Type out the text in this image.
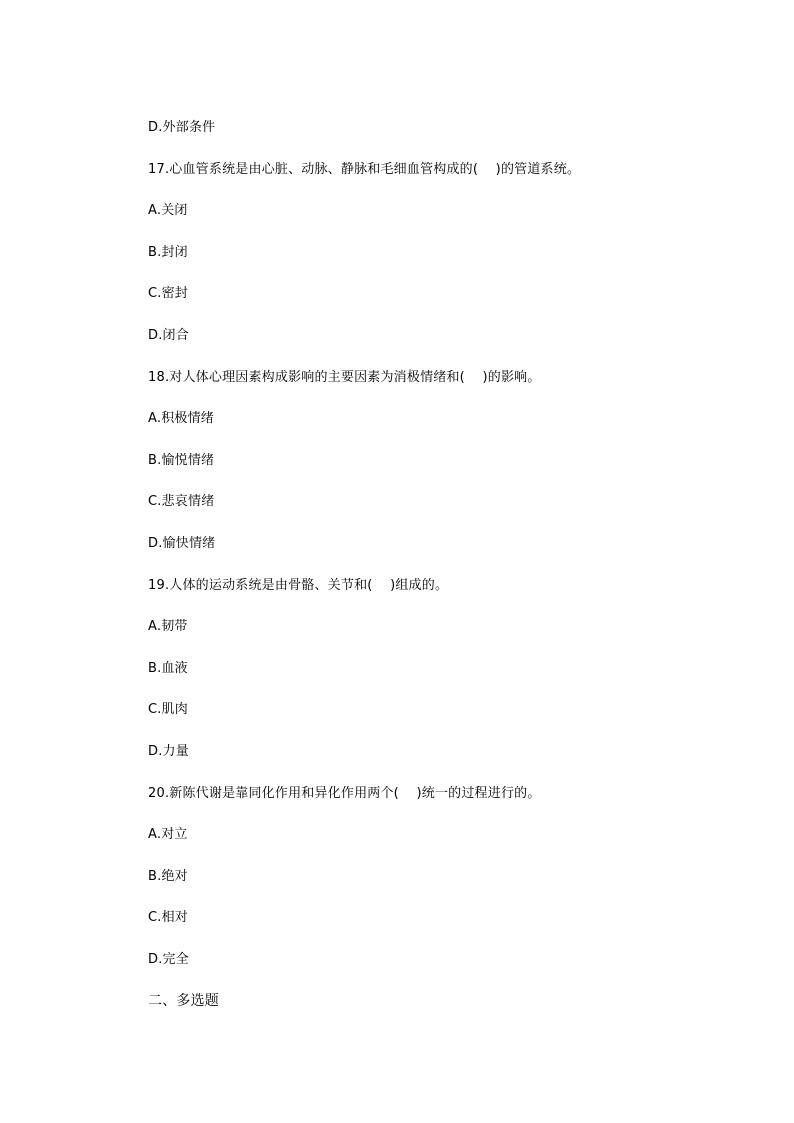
D.外部条件
17.心血管系统是由心脏、动脉、静脉和毛细血管构成的(　 )的管道系统。
A.关闭
B.封闭
C.密封
D.闭合
18.对人体心理因素构成影响的主要因素为消极情绪和(　 )的影响。
A.积极情绪
B.愉悦情绪
C.悲哀情绪
D.愉快情绪
19.人体的运动系统是由骨骼、关节和(　 )组成的。
A.韧带
B.血液
C.肌肉
D.力量
20.新陈代谢是靠同化作用和异化作用两个(　 )统一的过程进行的。
A.对立
B.绝对
C.相对
D.完全
二、多选题
